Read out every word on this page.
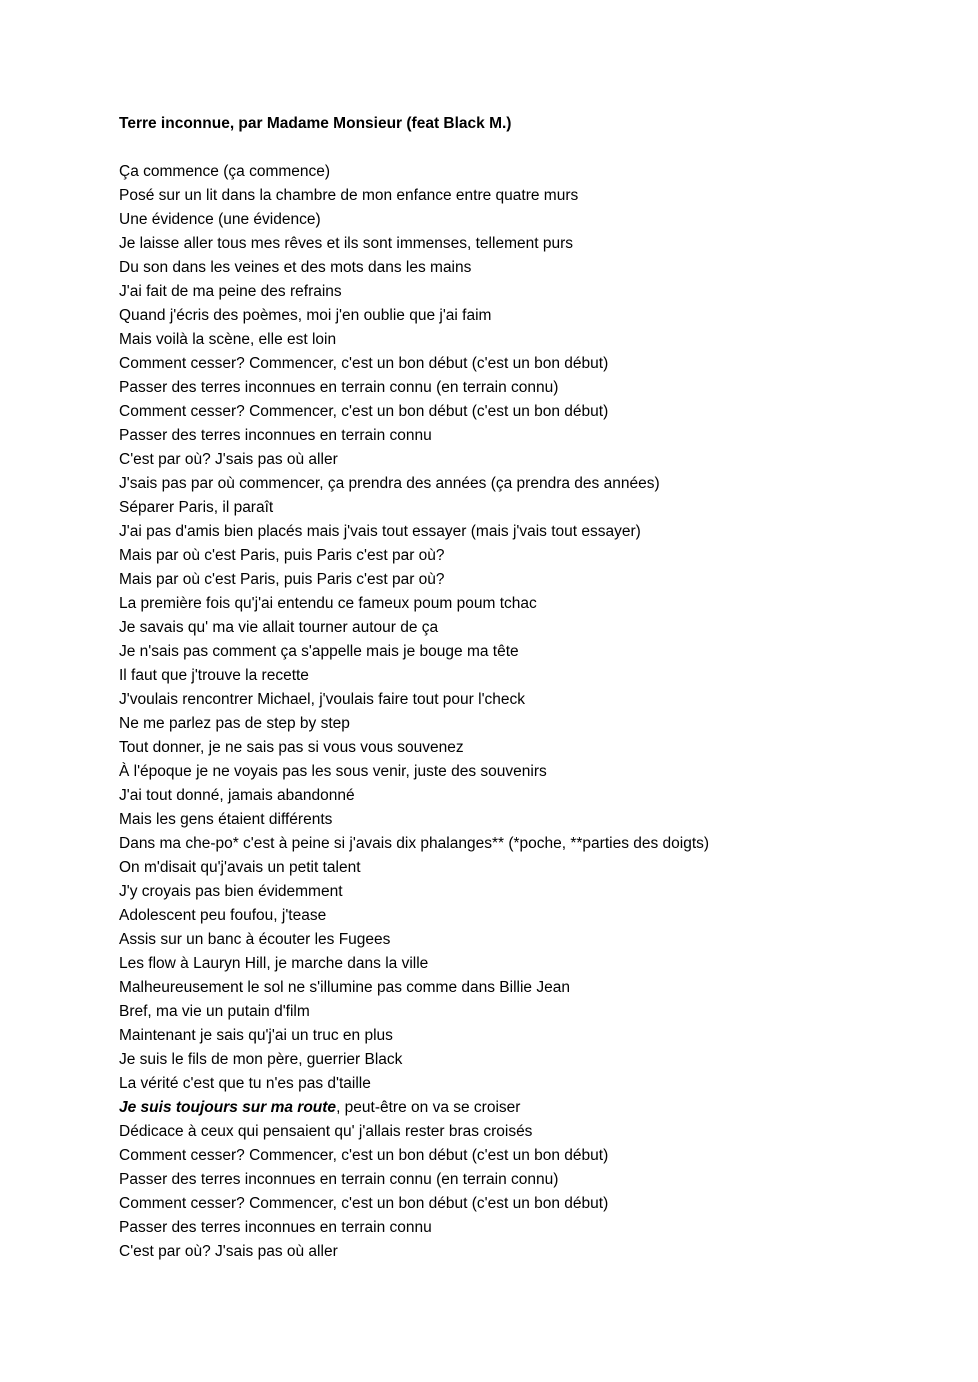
Terre inconnue, par Madame Monsieur (feat Black M.)
Ça commence (ça commence)
Posé sur un lit dans la chambre de mon enfance entre quatre murs
Une évidence (une évidence)
Je laisse aller tous mes rêves et ils sont immenses, tellement purs
Du son dans les veines et des mots dans les mains
J'ai fait de ma peine des refrains
Quand j'écris des poèmes, moi j'en oublie que j'ai faim
Mais voilà la scène, elle est loin
Comment cesser? Commencer, c'est un bon début (c'est un bon début)
Passer des terres inconnues en terrain connu (en terrain connu)
Comment cesser? Commencer, c'est un bon début (c'est un bon début)
Passer des terres inconnues en terrain connu
C'est par où? J'sais pas où aller
J'sais pas par où commencer, ça prendra des années (ça prendra des années)
Séparer Paris, il paraît
J'ai pas d'amis bien placés mais j'vais tout essayer (mais j'vais tout essayer)
Mais par où c'est Paris, puis Paris c'est par où?
Mais par où c'est Paris, puis Paris c'est par où?
La première fois qu'j'ai entendu ce fameux poum poum tchac
Je savais qu' ma vie allait tourner autour de ça
Je n'sais pas comment ça s'appelle mais je bouge ma tête
Il faut que j'trouve la recette
J'voulais rencontrer Michael, j'voulais faire tout pour l'check
Ne me parlez pas de step by step
Tout donner, je ne sais pas si vous vous souvenez
À l'époque je ne voyais pas les sous venir, juste des souvenirs
J'ai tout donné, jamais abandonné
Mais les gens étaient différents
Dans ma che-po* c'est à peine si j'avais dix phalanges** (*poche, **parties des doigts)
On m'disait qu'j'avais un petit talent
J'y croyais pas bien évidemment
Adolescent peu foufou, j'tease
Assis sur un banc à écouter les Fugees
Les flow à Lauryn Hill, je marche dans la ville
Malheureusement le sol ne s'illumine pas comme dans Billie Jean
Bref, ma vie un putain d'film
Maintenant je sais qu'j'ai un truc en plus
Je suis le fils de mon père, guerrier Black
La vérité c'est que tu n'es pas d'taille
Je suis toujours sur ma route, peut-être on va se croiser
Dédicace à ceux qui pensaient qu' j'allais rester bras croisés
Comment cesser? Commencer, c'est un bon début (c'est un bon début)
Passer des terres inconnues en terrain connu (en terrain connu)
Comment cesser? Commencer, c'est un bon début (c'est un bon début)
Passer des terres inconnues en terrain connu
C'est par où? J'sais pas où aller
